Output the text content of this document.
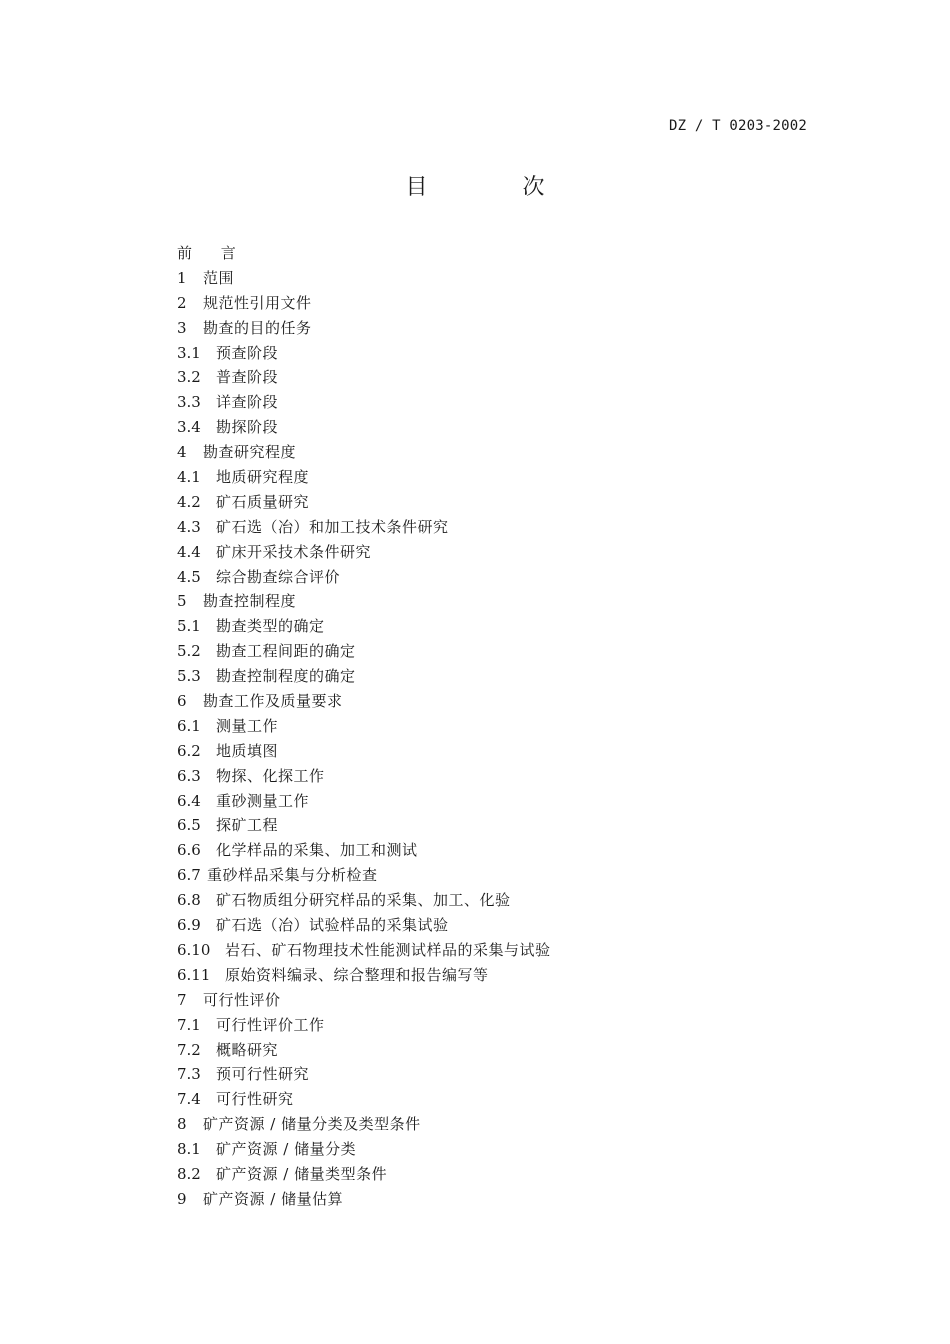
DZ / T 0203-2002
目 次
前 言
1 范围
2 规范性引用文件
3 勘查的目的任务
3.1 预查阶段
3.2 普查阶段
3.3 详查阶段
3.4 勘探阶段
4 勘查研究程度
4.1 地质研究程度
4.2 矿石质量研究
4.3 矿石选（冶）和加工技术条件研究
4.4 矿床开采技术条件研究
4.5 综合勘查综合评价
5 勘查控制程度
5.1 勘查类型的确定
5.2 勘查工程间距的确定
5.3 勘查控制程度的确定
6 勘查工作及质量要求
6.1 测量工作
6.2 地质填图
6.3 物探、化探工作
6.4 重砂测量工作
6.5 探矿工程
6.6 化学样品的采集、加工和测试
6.7 重砂样品采集与分析检查
6.8 矿石物质组分研究样品的采集、加工、化验
6.9 矿石选（冶）试验样品的采集试验
6.10 岩石、矿石物理技术性能测试样品的采集与试验
6.11 原始资料编录、综合整理和报告编写等
7 可行性评价
7.1 可行性评价工作
7.2 概略研究
7.3 预可行性研究
7.4 可行性研究
8 矿产资源 / 储量分类及类型条件
8.1 矿产资源 / 储量分类
8.2 矿产资源 / 储量类型条件
9 矿产资源 / 储量估算
